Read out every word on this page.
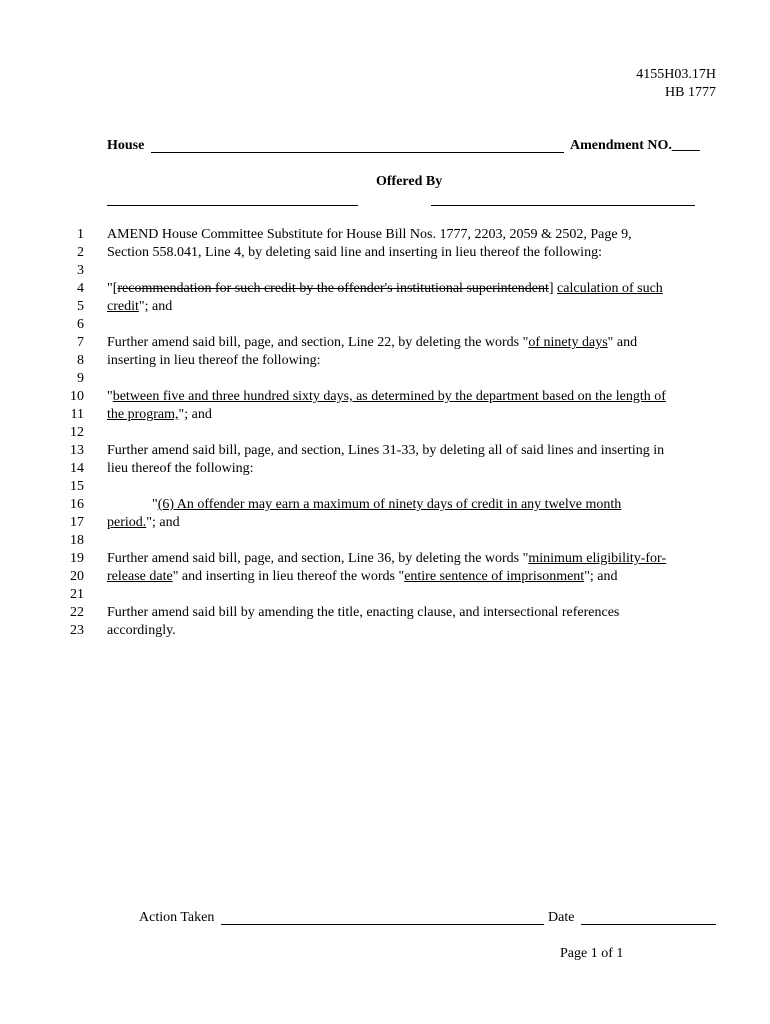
4155H03.17H
HB 1777
House	Amendment NO.____
Offered By
1 AMEND House Committee Substitute for House Bill Nos. 1777, 2203, 2059 & 2502, Page 9,
2 Section 558.041, Line 4, by deleting said line and inserting in lieu thereof the following:
3
4 "[recommendation for such credit by the offender's institutional superintendent] calculation of such
5 credit"; and
6
7 Further amend said bill, page, and section, Line 22, by deleting the words "of ninety days" and
8 inserting in lieu thereof the following:
9
10 "between five and three hundred sixty days, as determined by the department based on the length of
11 the program,"; and
12
13 Further amend said bill, page, and section, Lines 31-33, by deleting all of said lines and inserting in
14 lieu thereof the following:
15
16	"(6) An offender may earn a maximum of ninety days of credit in any twelve month
17 period."; and
18
19 Further amend said bill, page, and section, Line 36, by deleting the words "minimum eligibility-for-
20 release date" and inserting in lieu thereof the words "entire sentence of imprisonment"; and
21
22 Further amend said bill by amending the title, enacting clause, and intersectional references
23 accordingly.
Action Taken	Date
Page 1 of 1
